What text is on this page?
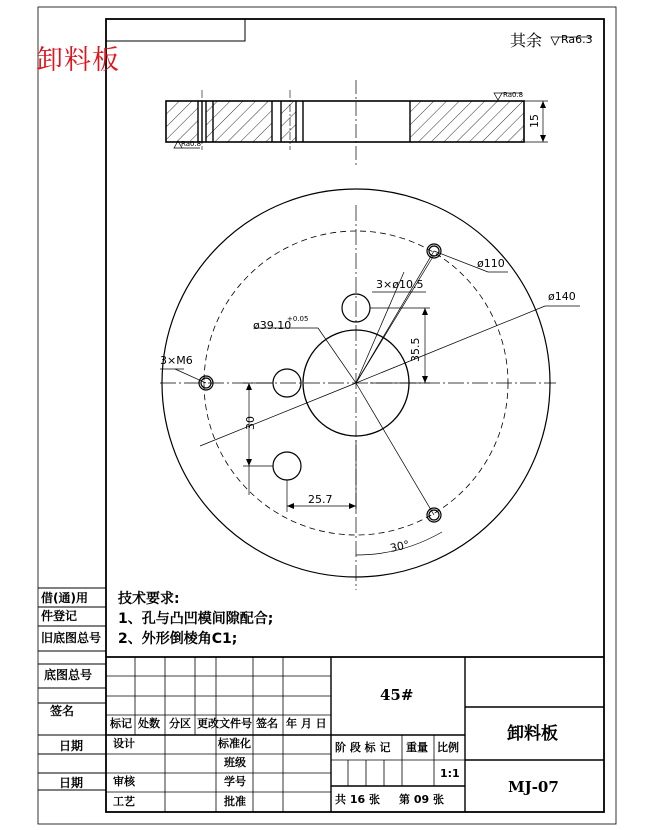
卸料板
其余 Ra6.3
15
Ra0.8
Ra0.8
ø140
ø110
3×ø10.5
ø39.10
+0.05
3×M6	35.5
30
25.7
30°
技术要求:
1、孔与凸凹模间隙配合;
2、外形倒棱角C1;
借(通)用
件登记
旧底图总号
底图总号
签名
日期
日期
45#
卸料板
MJ-07
1:1
标记 处数 分区 更改文件号 签名 年 月 日
设计
审核
工艺
标准化
班级
学号
批准
阶 段 标 记 重量 比例
共 16 张 第 09 张
